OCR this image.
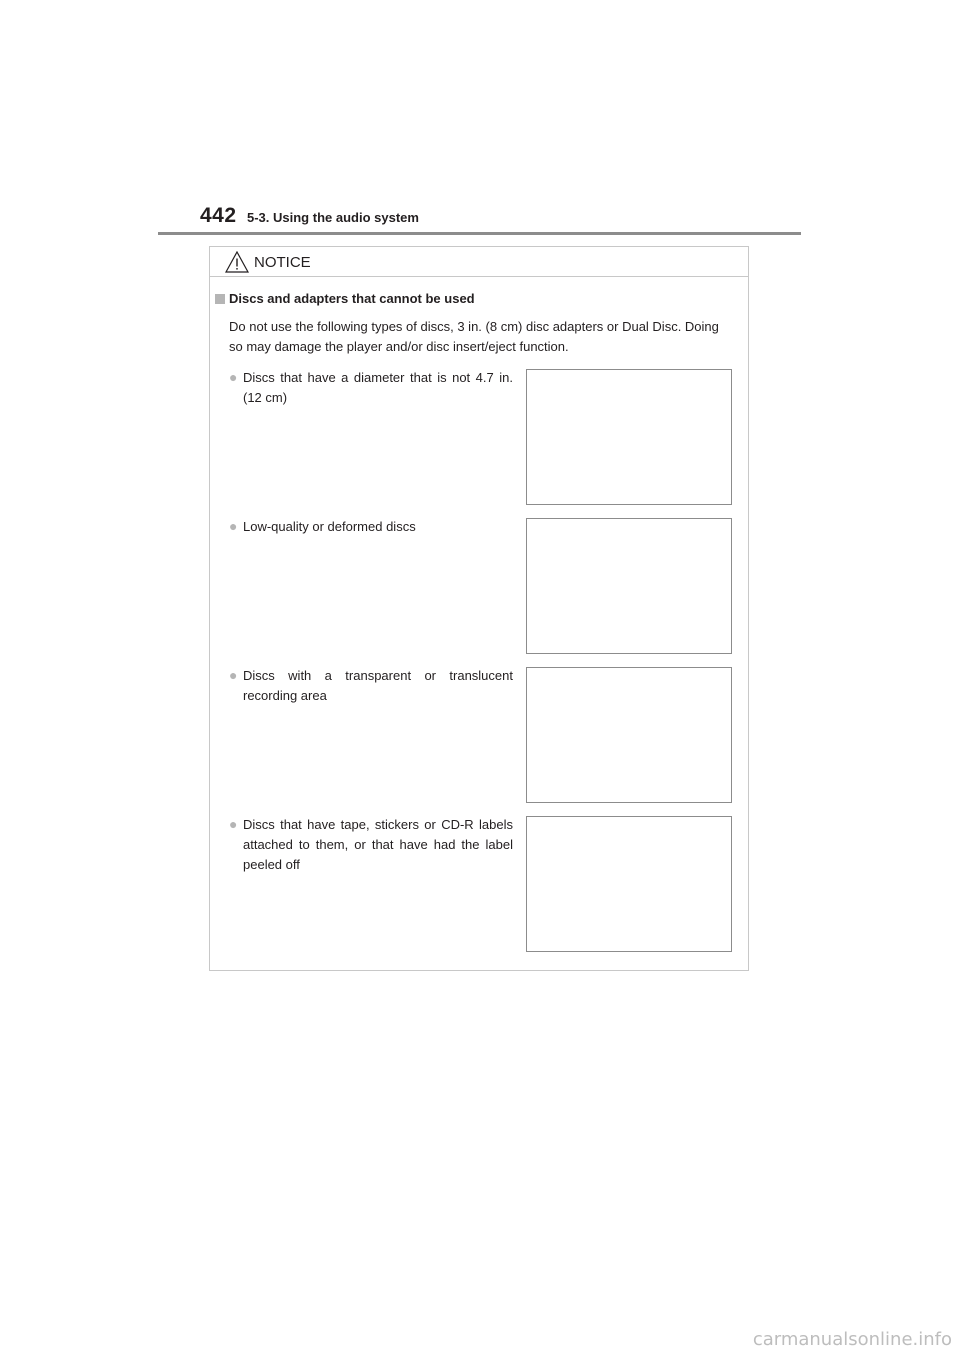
442 5-3. Using the audio system
NOTICE
Discs and adapters that cannot be used
Do not use the following types of discs, 3 in. (8 cm) disc adapters or Dual Disc. Doing so may damage the player and/or disc insert/eject function.
● Discs that have a diameter that is not 4.7 in. (12 cm)
● Low-quality or deformed discs
● Discs with a transparent or translucent recording area
● Discs that have tape, stickers or CD-R labels attached to them, or that have had the label peeled off
carmanualsonline.info
